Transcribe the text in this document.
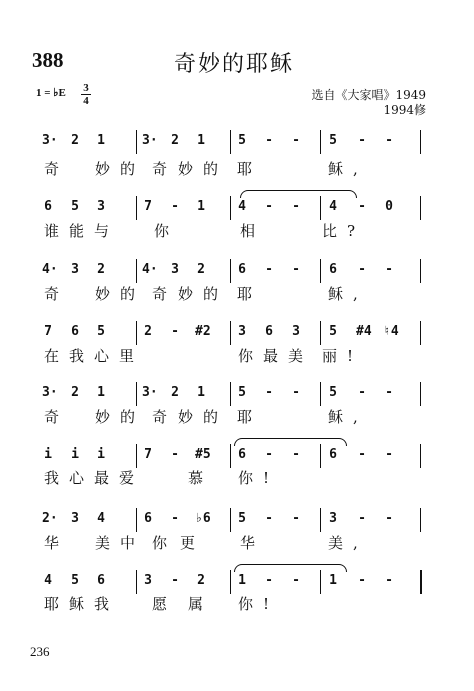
388	奇妙的耶稣
1 = ♭E 3
4	选自《大家唱》1949
1994修
3· 2 1	3· 2 1	5 - - 5 - -
奇 妙的 奇 妙的 耶	稣,
6 5 3	7 - 1	4 - - 4 - 0
谁能与 你	相	比?
4· 3 2	4· 3 2	6 - - 6 - -
奇 妙的 奇 妙的 耶	稣,
7 6 5	2 - #2 3 6 3 5 #4 ♮4
在我心里	你最美 丽!
3· 2 1	3· 2 1	5 - - 5 - -
奇 妙的 奇 妙的 耶	稣,
i i i	7 - #5 6 - - 6 - -
我心最爱	慕 你!
2· 3 4	6 - ♭6 5 - - 3 - -
华 美中 你 更 华	美,
4 5 6	3 - 2	1 - - 1 - -
耶稣我 愿 属 你!
236
